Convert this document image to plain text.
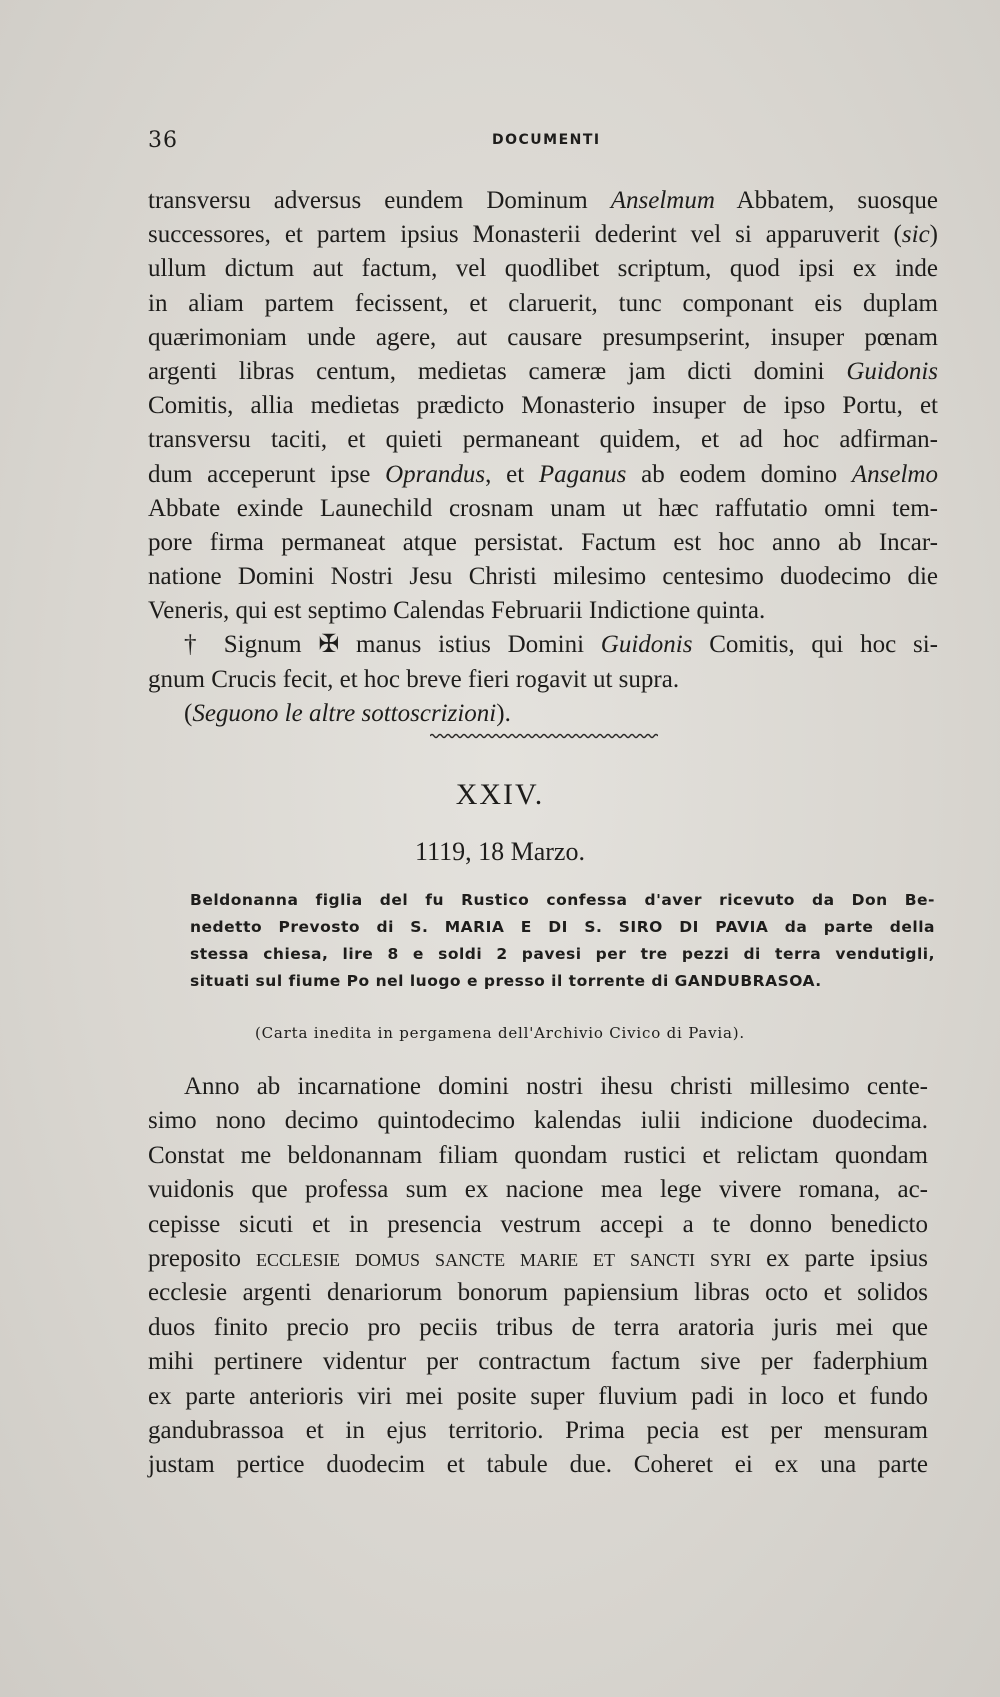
36	DOCUMENTI
transversu adversus eundem Dominum Anselmum Abbatem, suosque
successores, et partem ipsius Monasterii dederint vel si apparuverit (sic)
ullum dictum aut factum, vel quodlibet scriptum, quod ipsi ex inde
in aliam partem fecissent, et claruerit, tunc componant eis duplam
quærimoniam unde agere, aut causare presumpserint, insuper pœnam
argenti libras centum, medietas cameræ jam dicti domini Guidonis
Comitis, allia medietas prædicto Monasterio insuper de ipso Portu, et
transversu taciti, et quieti permaneant quidem, et ad hoc adfirman-
dum acceperunt ipse Oprandus, et Paganus ab eodem domino Anselmo
Abbate exinde Launechild crosnam unam ut hæc raffutatio omni tem-
pore firma permaneat atque persistat. Factum est hoc anno ab Incar-
natione Domini Nostri Jesu Christi milesimo centesimo duodecimo die
Veneris, qui est septimo Calendas Februarii Indictione quinta.
† Signum ✠ manus istius Domini Guidonis Comitis, qui hoc si-
gnum Crucis fecit, et hoc breve fieri rogavit ut supra.
(Seguono le altre sottoscrizioni).
XXIV.
1119, 18 Marzo.
Beldonanna figlia del fu Rustico confessa d'aver ricevuto da Don Be-
nedetto Prevosto di S. MARIA E DI S. SIRO DI PAVIA da parte della
stessa chiesa, lire 8 e soldi 2 pavesi per tre pezzi di terra vendutigli,
situati sul fiume Po nel luogo e presso il torrente di GANDUBRASOA.
(Carta inedita in pergamena dell'Archivio Civico di Pavia).
Anno ab incarnatione domini nostri ihesu christi millesimo cente-
simo nono decimo quintodecimo kalendas iulii indicione duodecima.
Constat me beldonannam filiam quondam rustici et relictam quondam
vuidonis que professa sum ex nacione mea lege vivere romana, ac-
cepisse sicuti et in presencia vestrum accepi a te donno benedicto
preposito ecclesie domus sancte marie et sancti syri ex parte ipsius
ecclesie argenti denariorum bonorum papiensium libras octo et solidos
duos finito precio pro peciis tribus de terra aratoria juris mei que
mihi pertinere videntur per contractum factum sive per faderphium
ex parte anterioris viri mei posite super fluvium padi in loco et fundo
gandubrassoa et in ejus territorio. Prima pecia est per mensuram
justam pertice duodecim et tabule due. Coheret ei ex una parte
